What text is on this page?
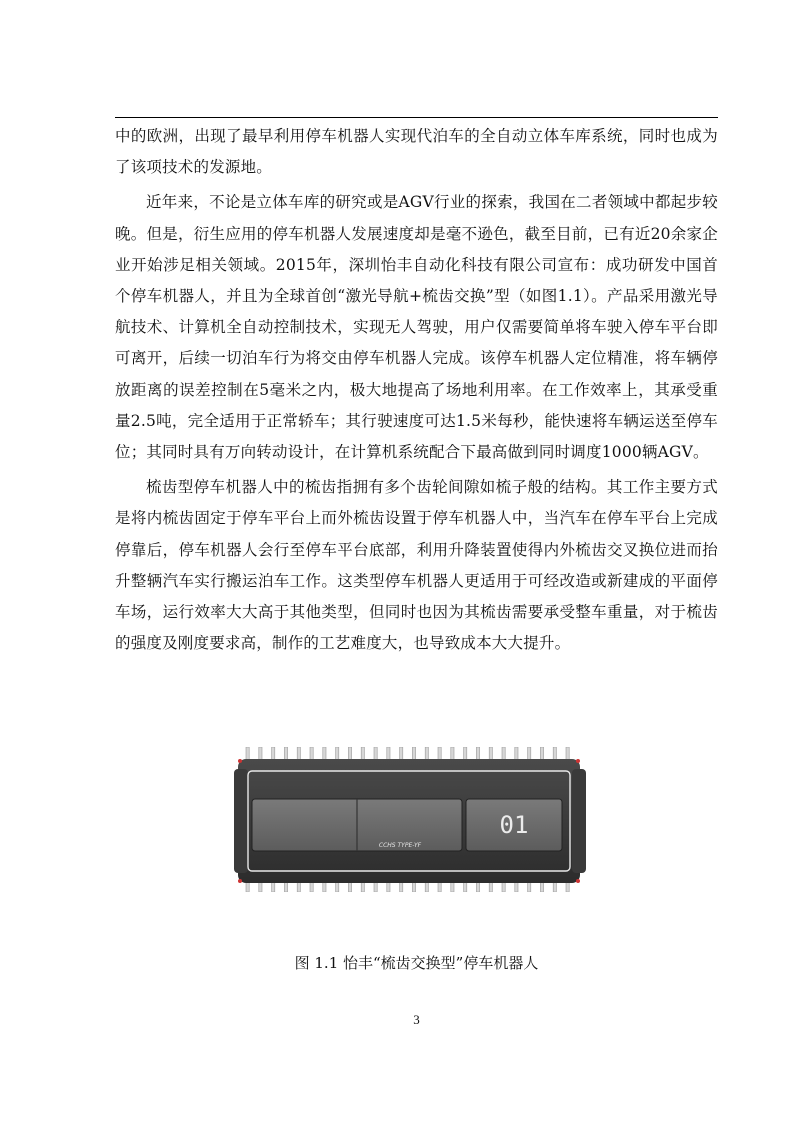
中的欧洲，出现了最早利用停车机器人实现代泊车的全自动立体车库系统，同时也成为了该项技术的发源地。

近年来，不论是立体车库的研究或是AGV行业的探索，我国在二者领域中都起步较晚。但是，衍生应用的停车机器人发展速度却是毫不逊色，截至目前，已有近20余家企业开始涉足相关领域。2015年，深圳怡丰自动化科技有限公司宣布：成功研发中国首个停车机器人，并且为全球首创“激光导航+梳齿交换”型（如图1.1）。产品采用激光导航技术、计算机全自动控制技术，实现无人驾驶，用户仅需要简单将车驶入停车平台即可离开，后续一切泊车行为将交由停车机器人完成。该停车机器人定位精准，将车辆停放距离的误差控制在5毫米之内，极大地提高了场地利用率。在工作效率上，其承受重量2.5吨，完全适用于正常轿车；其行驶速度可达1.5米每秒，能快速将车辆运送至停车位；其同时具有万向转动设计，在计算机系统配合下最高做到同时调度1000辆AGV。

梳齿型停车机器人中的梳齿指拥有多个齿轮间隙如梳子般的结构。其工作主要方式是将内梳齿固定于停车平台上而外梳齿设置于停车机器人中，当汽车在停车平台上完成停靠后，停车机器人会行至停车平台底部，利用升降装置使得内外梳齿交叉换位进而抬升整辆汽车实行搬运泊车工作。这类型停车机器人更适用于可经改造或新建成的平面停车场，运行效率大大高于其他类型，但同时也因为其梳齿需要承受整车重量，对于梳齿的强度及刚度要求高，制作的工艺难度大，也导致成本大大提升。

CCHS TYPE-YF
01
图 1.1 怡丰“梳齿交换型”停车机器人
3
